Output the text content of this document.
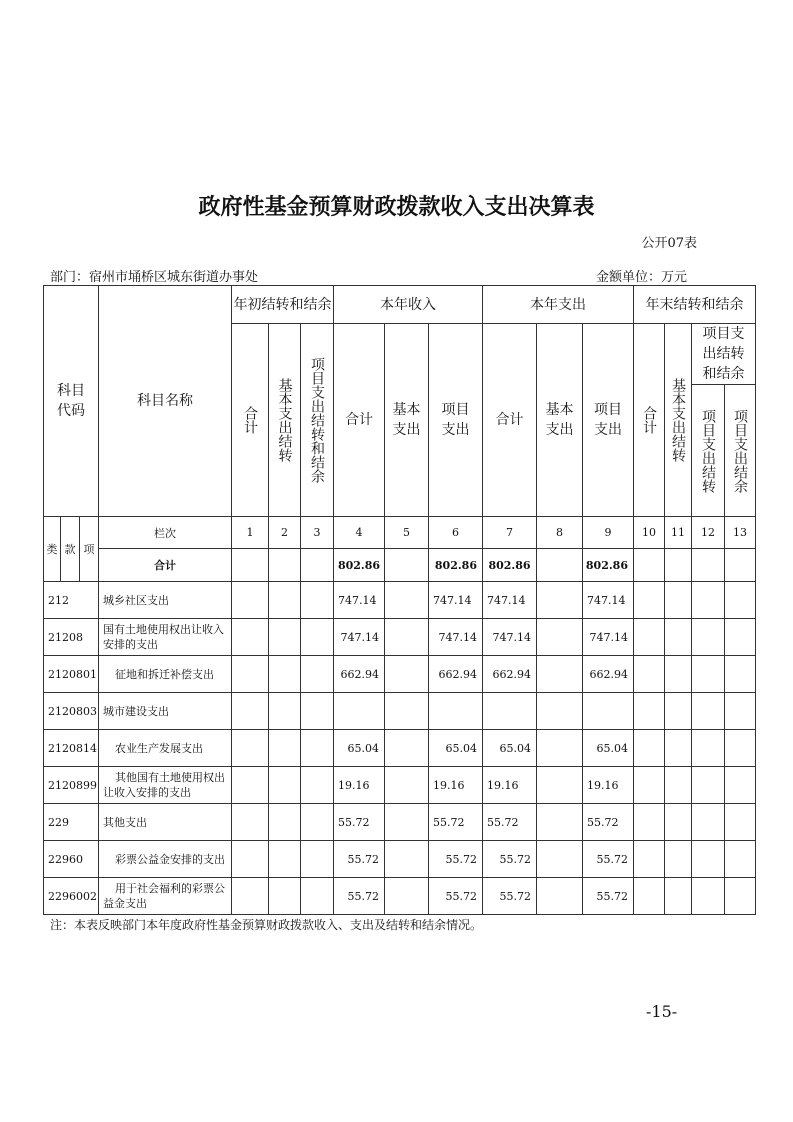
政府性基金预算财政拨款收入支出决算表
公开07表
部门：宿州市埇桥区城东街道办事处	金额单位：万元
科目代码			科目名称	年初结转和结余			本年收入			本年支出			年末结转和结余			

				合计	基本支出结转	项目支出结转和结余	合计	基本支出	项目支出	合计	基本支出	项目支出	合计	基本支出结转	项目支出结转和结余	

															项目支出结转	项目支出结余

类	款	项	栏次	1	2	3	4	5	6	7	8	9	10	11	12	13
			合计				802.86		802.86	802.86		802.86				
212			城乡社区支出				747.14		747.14	747.14		747.14				
21208			国有土地使用权出让收入安排的支出				747.14		747.14	747.14		747.14				
2120801			征地和拆迁补偿支出				662.94		662.94	662.94		662.94				
2120803			城市建设支出													
2120814			农业生产发展支出				65.04		65.04	65.04		65.04				
2120899			其他国有土地使用权出让收入安排的支出				19.16		19.16	19.16		19.16				
229			其他支出				55.72		55.72	55.72		55.72				
22960			彩票公益金安排的支出				55.72		55.72	55.72		55.72				
2296002			用于社会福利的彩票公益金支出				55.72		55.72	55.72		55.72				
注：本表反映部门本年度政府性基金预算财政拨款收入、支出及结转和结余情况。
-15-
